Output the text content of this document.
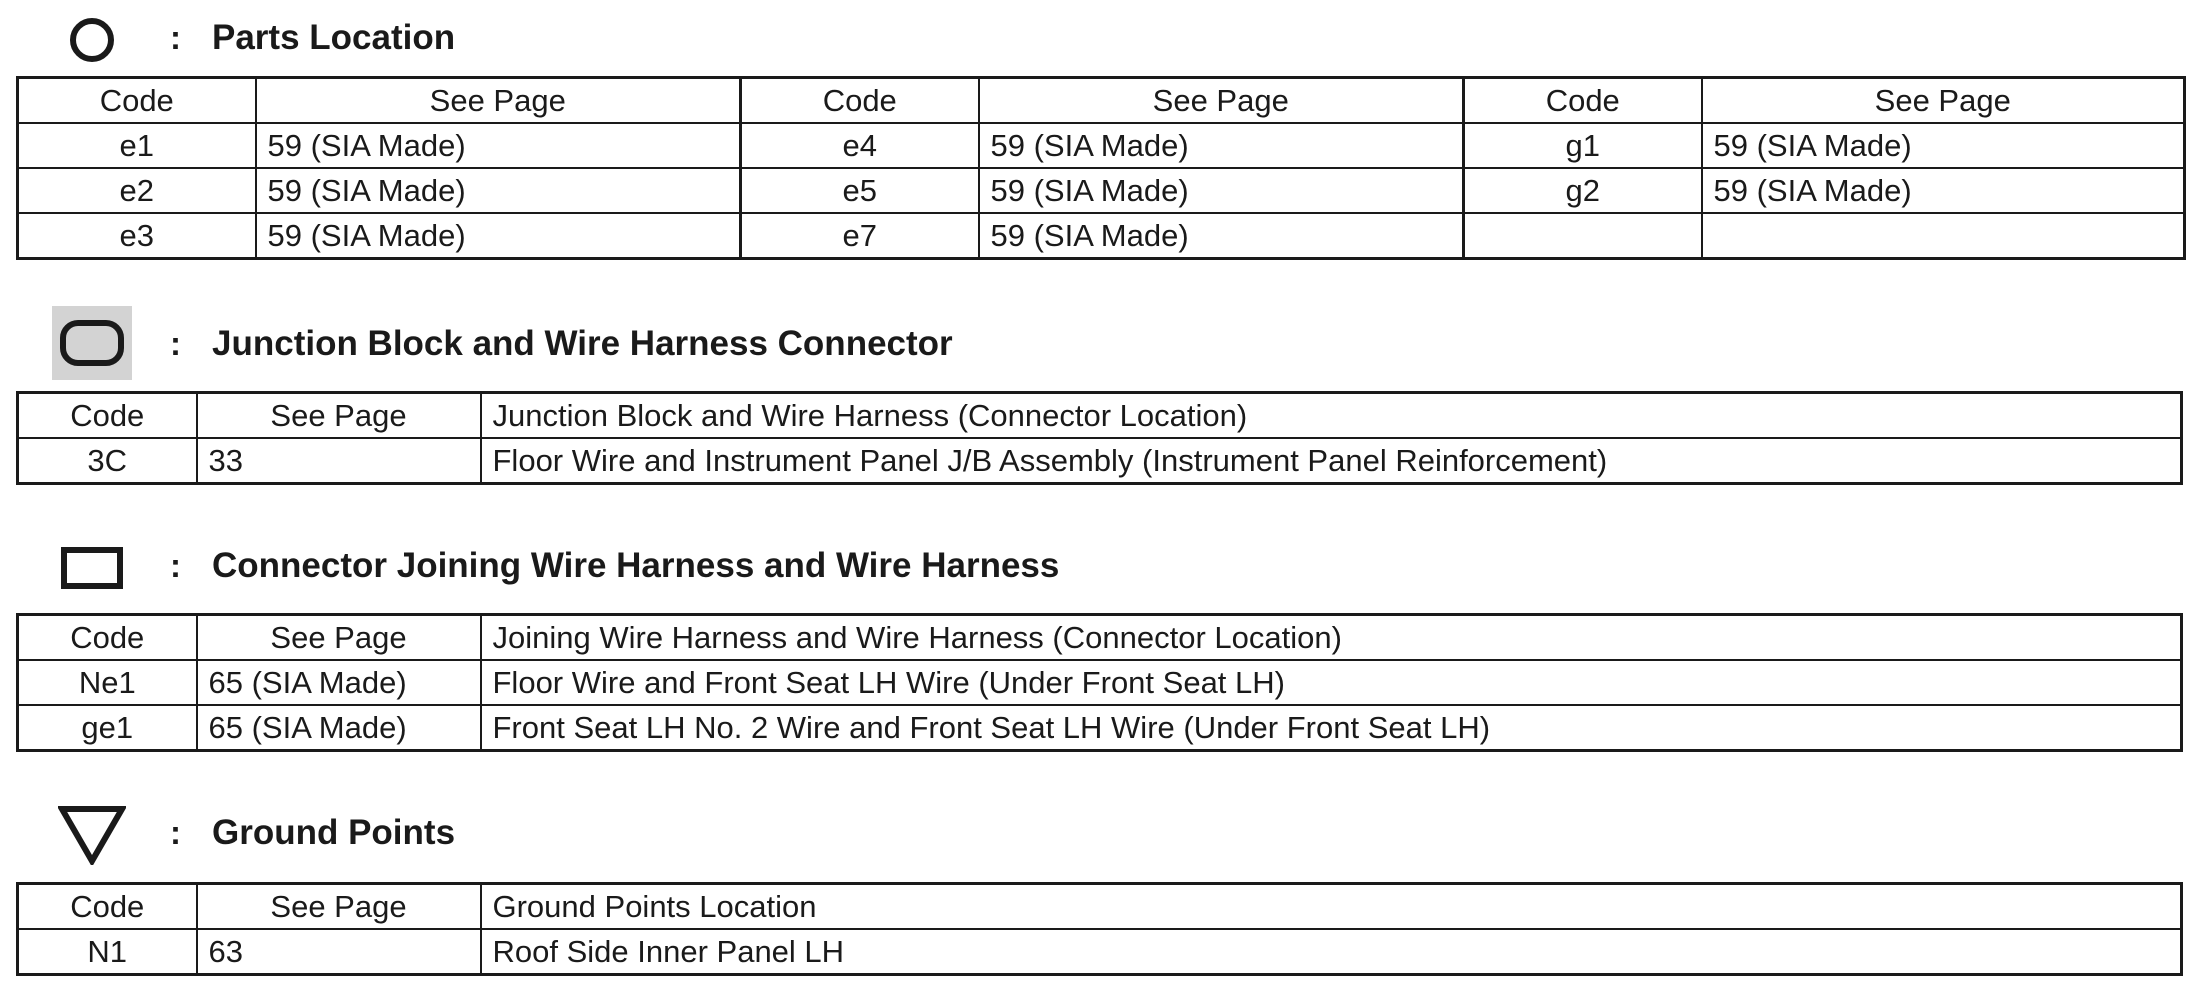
: Parts Location
Code	See Page	Code	See Page	Code	See Page
e1	59 (SIA Made)	e4	59 (SIA Made)	g1	59 (SIA Made)
e2	59 (SIA Made)	e5	59 (SIA Made)	g2	59 (SIA Made)
e3	59 (SIA Made)	e7	59 (SIA Made)		
: Junction Block and Wire Harness Connector
Code	See Page	Junction Block and Wire Harness (Connector Location)
3C	33	Floor Wire and Instrument Panel J/B Assembly (Instrument Panel Reinforcement)
: Connector Joining Wire Harness and Wire Harness
Code	See Page	Joining Wire Harness and Wire Harness (Connector Location)
Ne1	65 (SIA Made)	Floor Wire and Front Seat LH Wire (Under Front Seat LH)
ge1	65 (SIA Made)	Front Seat LH No. 2 Wire and Front Seat LH Wire (Under Front Seat LH)
: Ground Points
Code	See Page	Ground Points Location
N1	63	Roof Side Inner Panel LH
